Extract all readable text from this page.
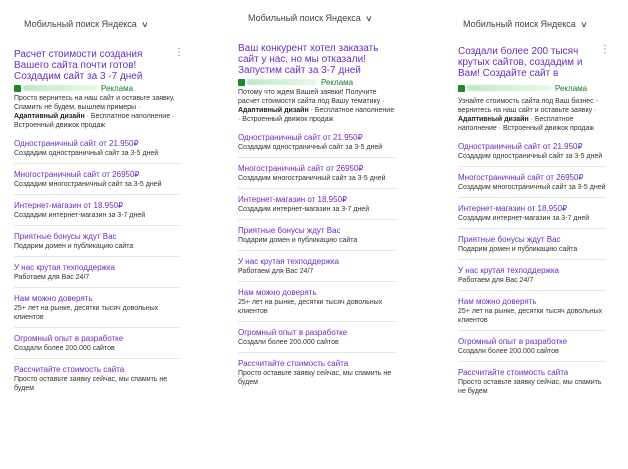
Мобильный поиск Яндекса ∨
⋮
Расчет стоимости создания Вашего сайта почти готов! Создадим сайт за 3 -7 дней
Реклама
Просто вернитесь на наш сайт и оставьте заявку. Спамить не будем, вышлем примеры · Адаптивный дизайн · Бесплатное наполнение · Встроенный движок продаж
Одностраничный сайт от 21.950₽
Создадим одностраничный сайт за 3-5 дней
Многостраничный сайт от 26950₽
Создадим многостраничный сайт за 3-5 дней
Интернет-магазин от 18.950₽
Создадим интернет-магазин за 3-7 дней
Приятные бонусы ждут Вас
Подарим домен и публикацию сайта
У нас крутая техподдержка
Работаем для Вас 24/7
Нам можно доверять
25+ лет на рынке, десятки тысяч довольных клиентов
Огромный опыт в разработке
Создали более 200.000 сайтов
Рассчитайте стоимость сайта
Просто оставьте заявку сейчас, мы спамить не будем
Мобильный поиск Яндекса ∨
Ваш конкурент хотел заказать сайт у нас, но мы отказали! Запустим сайт за 3-7 дней
Реклама
Потому что ждем Вашей заявки! Получите расчет стоимости сайта под Вашу тематику · Адаптивный дизайн · Бесплатное наполнение · Встроенный движок продаж
Одностраничный сайт от 21.950₽
Создадим одностраничный сайт за 3-5 дней
Многостраничный сайт от 26950₽
Создадим многостраничный сайт за 3-5 дней
Интернет-магазин от 18.950₽
Создадим интернет-магазин за 3-7 дней
Приятные бонусы ждут Вас
Подарим домен и публикацию сайта
У нас крутая техподдержка
Работаем для Вас 24/7
Нам можно доверять
25+ лет на рынке, десятки тысяч довольных клиентов
Огромный опыт в разработке
Создали более 200.000 сайтов
Рассчитайте стоимость сайта
Просто оставьте заявку сейчас, мы спамить не будем
Мобильный поиск Яндекса ∨
⋮
Создали более 200 тысяч крутых сайтов, создадим и Вам! Создайте сайт в
Реклама
Узнайте стоимость сайта под Ваш бизнес - вернитесь на наш сайт и оставьте заявку · Адаптивный дизайн · Бесплатное наполнение · Встроенный движок продаж
Одностраничный сайт от 21.950₽
Создадим одностраничный сайт за 3-5 дней
Многостраничный сайт от 26950₽
Создадим многостраничный сайт за 3-5 дней
Интернет-магазин от 18.950₽
Создадим интернет-магазин за 3-7 дней
Приятные бонусы ждут Вас
Подарим домен и публикацию сайта
У нас крутая техподдержка
Работаем для Вас 24/7
Нам можно доверять
25+ лет на рынке, десятки тысяч довольных клиентов
Огромный опыт в разработке
Создали более 200.000 сайтов
Рассчитайте стоимость сайта
Просто оставьте заявку сейчас, мы спамить не будем
